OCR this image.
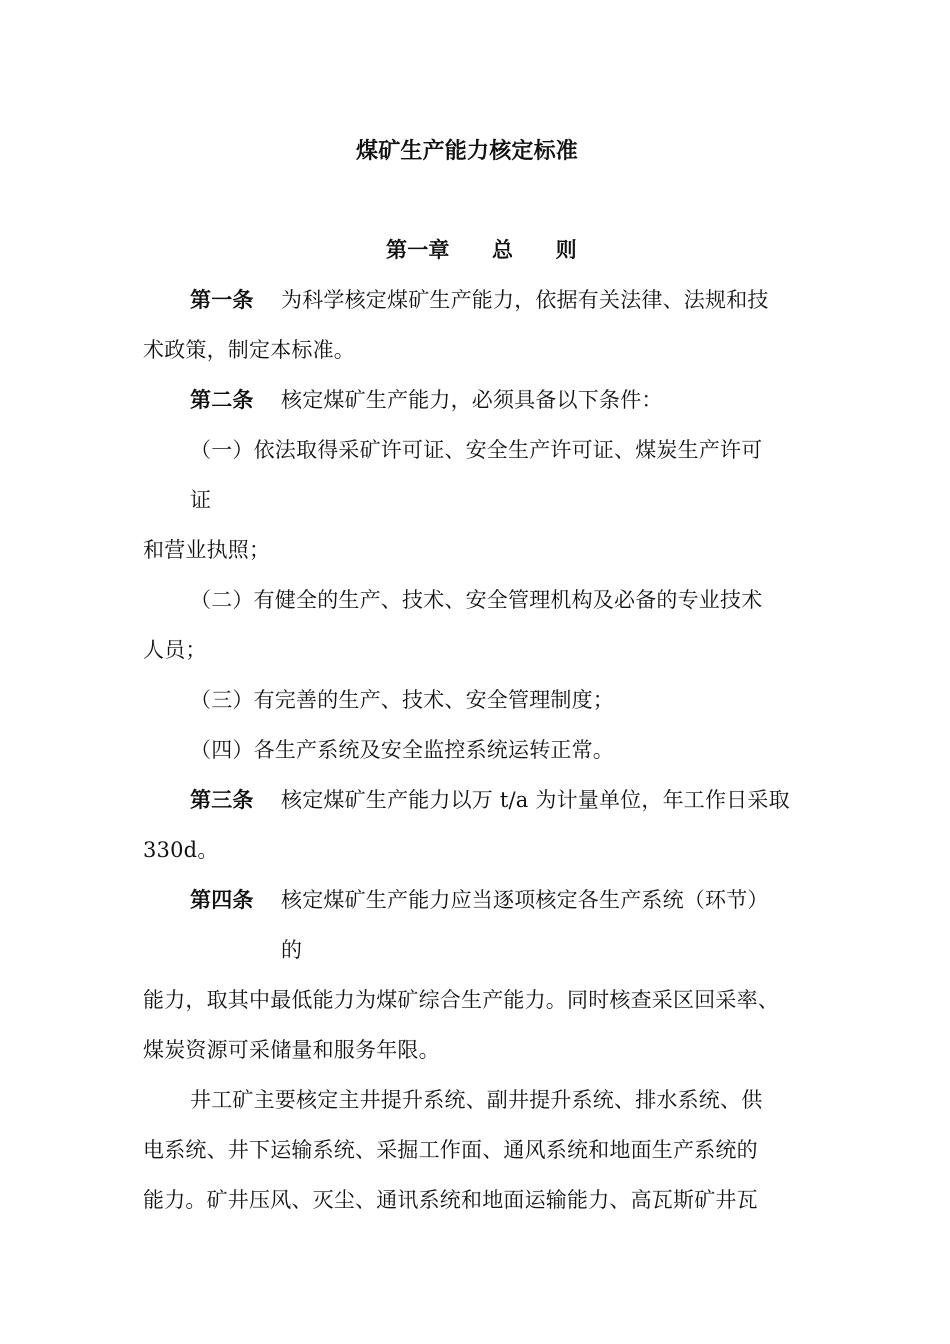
煤矿生产能力核定标准
第一章　　总　　则
第一条 为科学核定煤矿生产能力，依据有关法律、法规和技
术政策，制定本标准。
第二条 核定煤矿生产能力，必须具备以下条件：
（一）依法取得采矿许可证、安全生产许可证、煤炭生产许可
证
和营业执照；
（二）有健全的生产、技术、安全管理机构及必备的专业技术
人员；
（三）有完善的生产、技术、安全管理制度；
（四）各生产系统及安全监控系统运转正常。
第三条 核定煤矿生产能力以万 t/a 为计量单位，年工作日采取
330d。
第四条 核定煤矿生产能力应当逐项核定各生产系统（环节）
的
能力，取其中最低能力为煤矿综合生产能力。同时核查采区回采率、
煤炭资源可采储量和服务年限。
井工矿主要核定主井提升系统、副井提升系统、排水系统、供
电系统、井下运输系统、采掘工作面、通风系统和地面生产系统的
能力。矿井压风、灭尘、通讯系统和地面运输能力、高瓦斯矿井瓦
